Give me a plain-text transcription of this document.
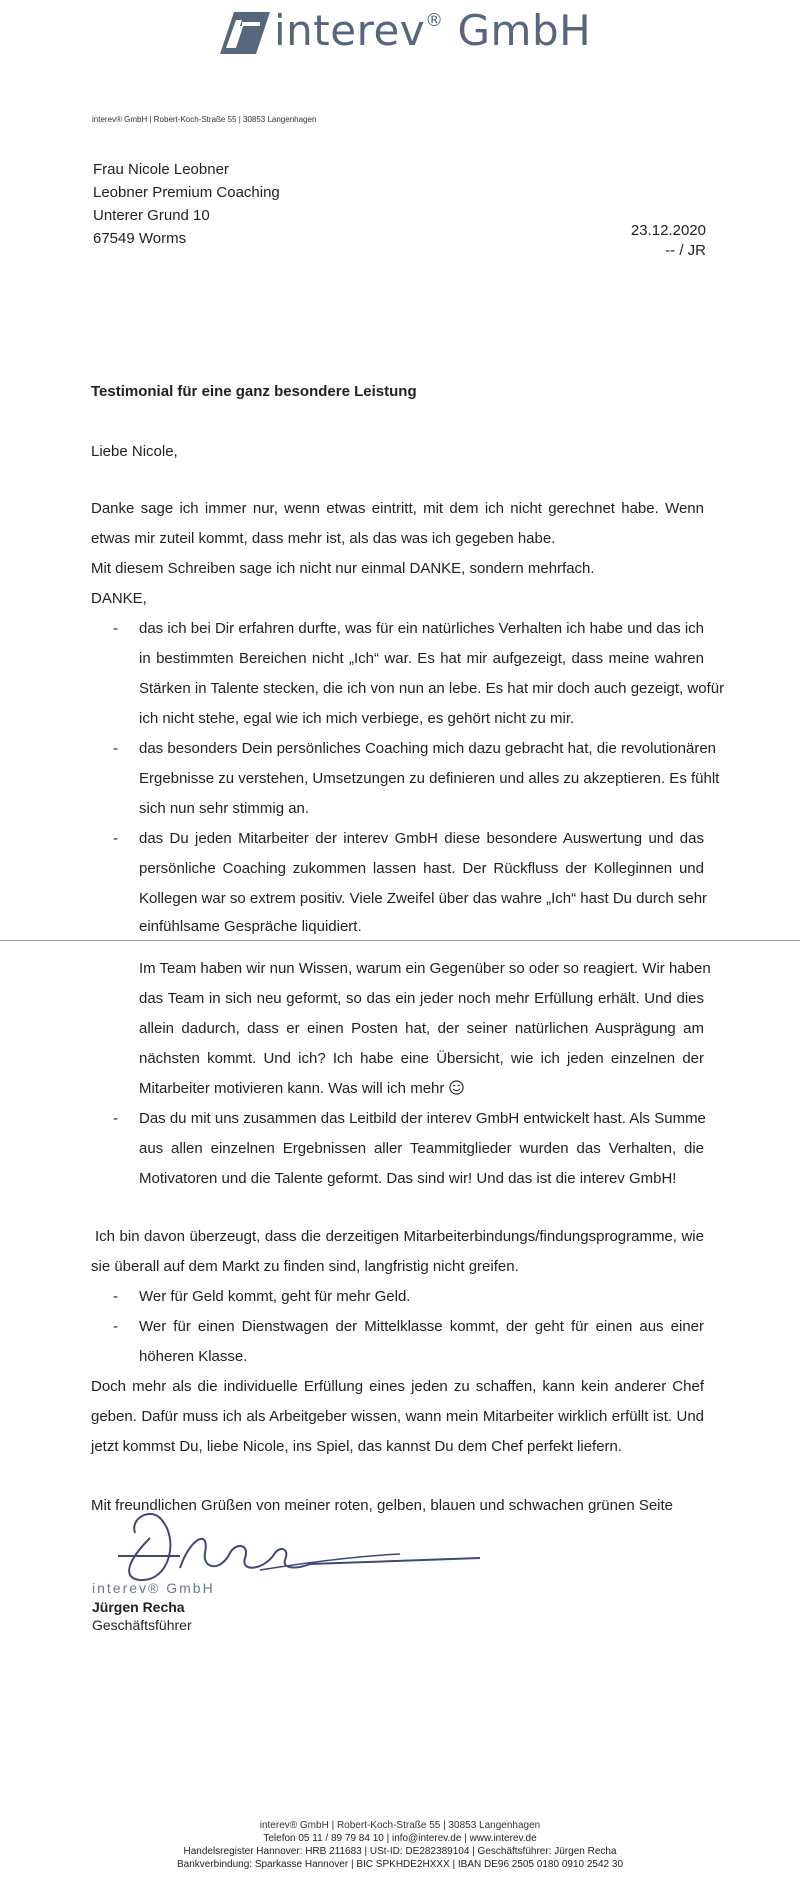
interev® GmbH
interev® GmbH | Robert-Koch-Straße 55 | 30853 Langenhagen
Frau Nicole Leobner
Leobner Premium Coaching
Unterer Grund 10
67549 Worms	23.12.2020
-- / JR
Testimonial für eine ganz besondere Leistung
Liebe Nicole,
Danke sage ich immer nur, wenn etwas eintritt, mit dem ich nicht gerechnet habe. Wenn
etwas mir zuteil kommt, dass mehr ist, als das was ich gegeben habe.
Mit diesem Schreiben sage ich nicht nur einmal DANKE, sondern mehrfach.
DANKE,
- das ich bei Dir erfahren durfte, was für ein natürliches Verhalten ich habe und das ich
in bestimmten Bereichen nicht „Ich“ war. Es hat mir aufgezeigt, dass meine wahren
Stärken in Talente stecken, die ich von nun an lebe. Es hat mir doch auch gezeigt, wofür
ich nicht stehe, egal wie ich mich verbiege, es gehört nicht zu mir.
- das besonders Dein persönliches Coaching mich dazu gebracht hat, die revolutionären
Ergebnisse zu verstehen, Umsetzungen zu definieren und alles zu akzeptieren. Es fühlt
sich nun sehr stimmig an.
- das Du jeden Mitarbeiter der interev GmbH diese besondere Auswertung und das
persönliche Coaching zukommen lassen hast. Der Rückfluss der Kolleginnen und
Kollegen war so extrem positiv. Viele Zweifel über das wahre „Ich“ hast Du durch sehr
einfühlsame Gespräche liquidiert.
Im Team haben wir nun Wissen, warum ein Gegenüber so oder so reagiert. Wir haben
das Team in sich neu geformt, so das ein jeder noch mehr Erfüllung erhält. Und dies
allein dadurch, dass er einen Posten hat, der seiner natürlichen Ausprägung am
nächsten kommt. Und ich? Ich habe eine Übersicht, wie ich jeden einzelnen der
Mitarbeiter motivieren kann. Was will ich mehr
- Das du mit uns zusammen das Leitbild der interev GmbH entwickelt hast. Als Summe
aus allen einzelnen Ergebnissen aller Teammitglieder wurden das Verhalten, die
Motivatoren und die Talente geformt. Das sind wir! Und das ist die interev GmbH!
Ich bin davon überzeugt, dass die derzeitigen Mitarbeiterbindungs/findungsprogramme, wie
sie überall auf dem Markt zu finden sind, langfristig nicht greifen.
- Wer für Geld kommt, geht für mehr Geld.
- Wer für einen Dienstwagen der Mittelklasse kommt, der geht für einen aus einer
höheren Klasse.
Doch mehr als die individuelle Erfüllung eines jeden zu schaffen, kann kein anderer Chef
geben. Dafür muss ich als Arbeitgeber wissen, wann mein Mitarbeiter wirklich erfüllt ist. Und
jetzt kommst Du, liebe Nicole, ins Spiel, das kannst Du dem Chef perfekt liefern.
Mit freundlichen Grüßen von meiner roten, gelben, blauen und schwachen grünen Seite
interev® GmbH
Jürgen Recha
Geschäftsführer
interev® GmbH | Robert-Koch-Straße 55 | 30853 Langenhagen
Telefon 05 11 / 89 79 84 10 | info@interev.de | www.interev.de
Handelsregister Hannover: HRB 211683 | USt-ID: DE282389104 | Geschäftsführer: Jürgen Recha
Bankverbindung: Sparkasse Hannover | BIC SPKHDE2HXXX | IBAN DE96 2505 0180 0910 2542 30
